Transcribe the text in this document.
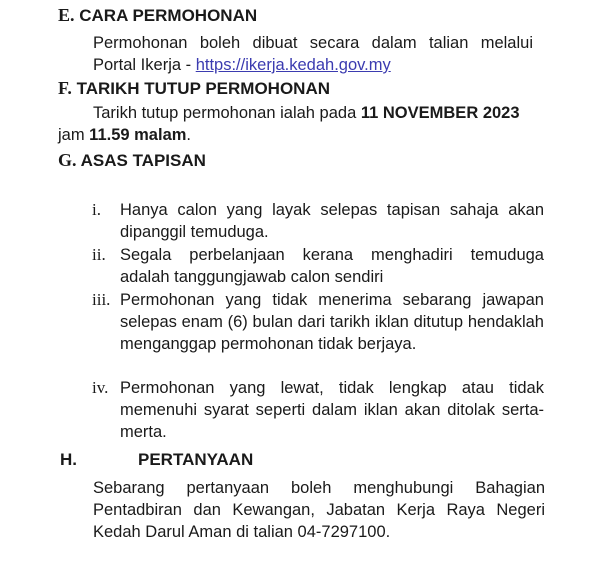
E. CARA PERMOHONAN
Permohonan boleh dibuat secara dalam talian melalui Portal Ikerja - https://ikerja.kedah.gov.my
F. TARIKH TUTUP PERMOHONAN
Tarikh tutup permohonan ialah pada 11 NOVEMBER 2023 jam 11.59 malam.
G. ASAS TAPISAN
i. Hanya calon yang layak selepas tapisan sahaja akan dipanggil temuduga.
ii. Segala perbelanjaan kerana menghadiri temuduga adalah tanggungjawab calon sendiri
iii. Permohonan yang tidak menerima sebarang jawapan selepas enam (6) bulan dari tarikh iklan ditutup hendaklah menganggap permohonan tidak berjaya.
iv. Permohonan yang lewat, tidak lengkap atau tidak memenuhi syarat seperti dalam iklan akan ditolak serta-merta.
H.	PERTANYAAN
Sebarang pertanyaan boleh menghubungi Bahagian Pentadbiran dan Kewangan, Jabatan Kerja Raya Negeri Kedah Darul Aman di talian 04-7297100.
